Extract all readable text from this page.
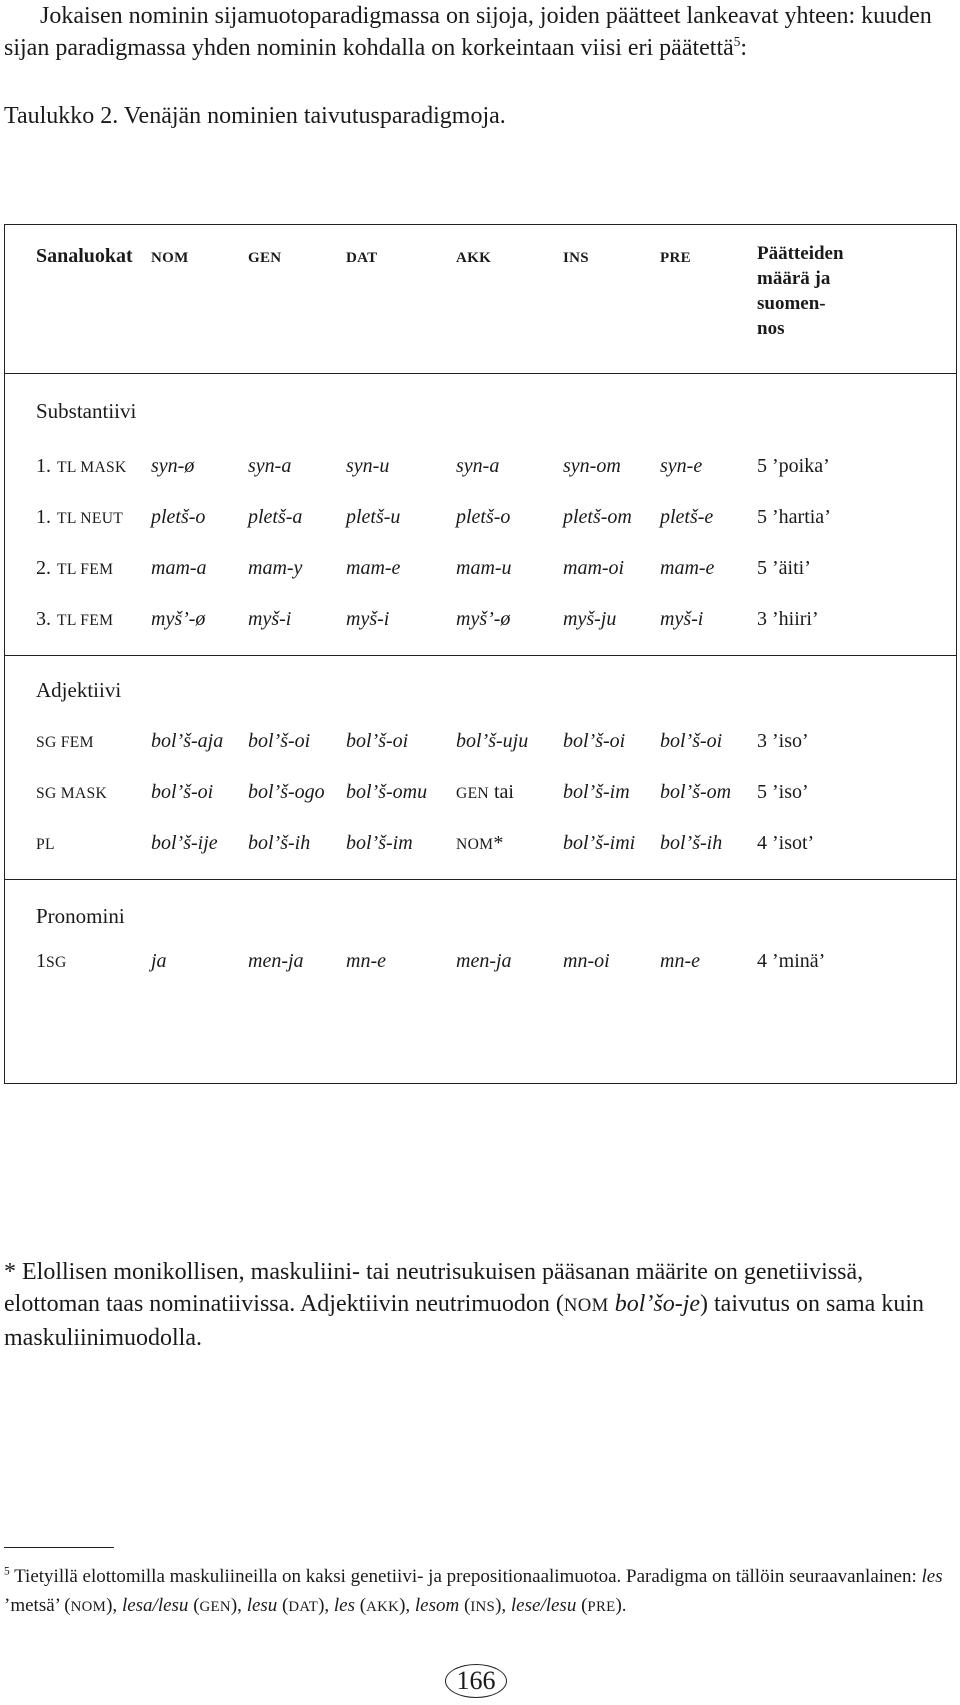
Jokaisen nominin sijamuotoparadigmassa on sijoja, joiden päätteet lankeavat yhteen: kuuden sijan paradigmassa yhden nominin kohdalla on korkeintaan viisi eri päätettä$^5$:

Taulukko 2. Venäjän nominien taivutusparadigmoja.

Sanaluokat NOM	GEN	DAT	AKK	INS	PRE	Päätteiden
määrä ja
suomen-
nos
Substantiivi
1. TL MASK syn-ø	syn-a	syn-u	syn-a	syn-om syn-e	5 ’poika’
1. TL NEUT pletš-o pletš-a pletš-u	pletš-o	pletš-om pletš-e 5 ’hartia’
2. TL FEM mam-a mam-y mam-e	mam-u	mam-oi mam-e 5 ’äiti’
3. TL FEM myš’-ø myš-i	myš-i	myš’-ø	myš-ju myš-i	3 ’hiiri’
Adjektiivi
SG FEM	bol’š-aja bol’š-oi bol’š-oi bol’š-uju bol’š-oi bol’š-oi 3 ’iso’
SG MASK bol’š-oi bol’š-ogo bol’š-omu GEN tai bol’š-im bol’š-om 5 ’iso’
PL	bol’š-ije bol’š-ih bol’š-im	NOM*	bol’š-imi bol’š-ih 4 ’isot’
Pronomini
1SG	ja	men-ja mn-e	men-ja	mn-oi	mn-e	4 ’minä’

* Elollisen monikollisen, maskuliini- tai neutrisukuisen pääsanan määrite on genetiivissä, elottoman taas nominatiivissa. Adjektiivin neutrimuodon (NOM bol’šo-je) taivutus on sama kuin maskuliinimuodolla.

$^5$ Tietyillä elottomilla maskuliineilla on kaksi genetiivi- ja prepositionaalimuotoa. Paradigma on tällöin seuraavanlainen: les ’metsä’ (NOM), lesa/lesu (GEN), lesu (DAT), les (AKK), lesom (INS), lese/lesu (PRE).

166
